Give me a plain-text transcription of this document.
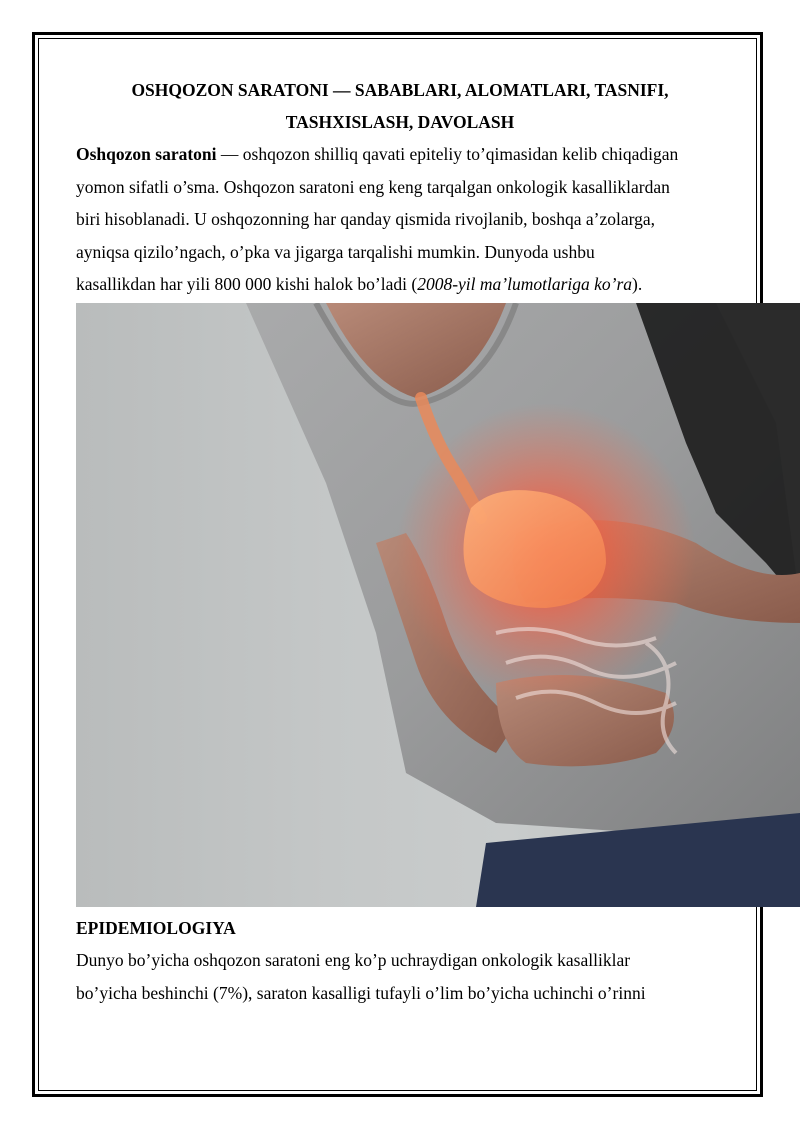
OSHQOZON SARATONI — SABABLARI, ALOMATLARI, TASNIFI,
TASHXISLASH, DAVOLASH
Oshqozon saratoni — oshqozon shilliq qavati epiteliy to’qimasidan kelib chiqadigan
yomon sifatli o’sma. Oshqozon saratoni eng keng tarqalgan onkologik kasalliklardan
biri hisoblanadi. U oshqozonning har qanday qismida rivojlanib, boshqa a’zolarga,
ayniqsa qizilo’ngach, o’pka va jigarga tarqalishi mumkin. Dunyoda ushbu
kasallikdan har yili 800 000 kishi halok bo’ladi (2008-yil ma’lumotlariga ko’ra).
EPIDEMIOLOGIYA
Dunyo bo’yicha oshqozon saratoni eng ko’p uchraydigan onkologik kasalliklar
bo’yicha beshinchi (7%), saraton kasalligi tufayli o’lim bo’yicha uchinchi o’rinni
